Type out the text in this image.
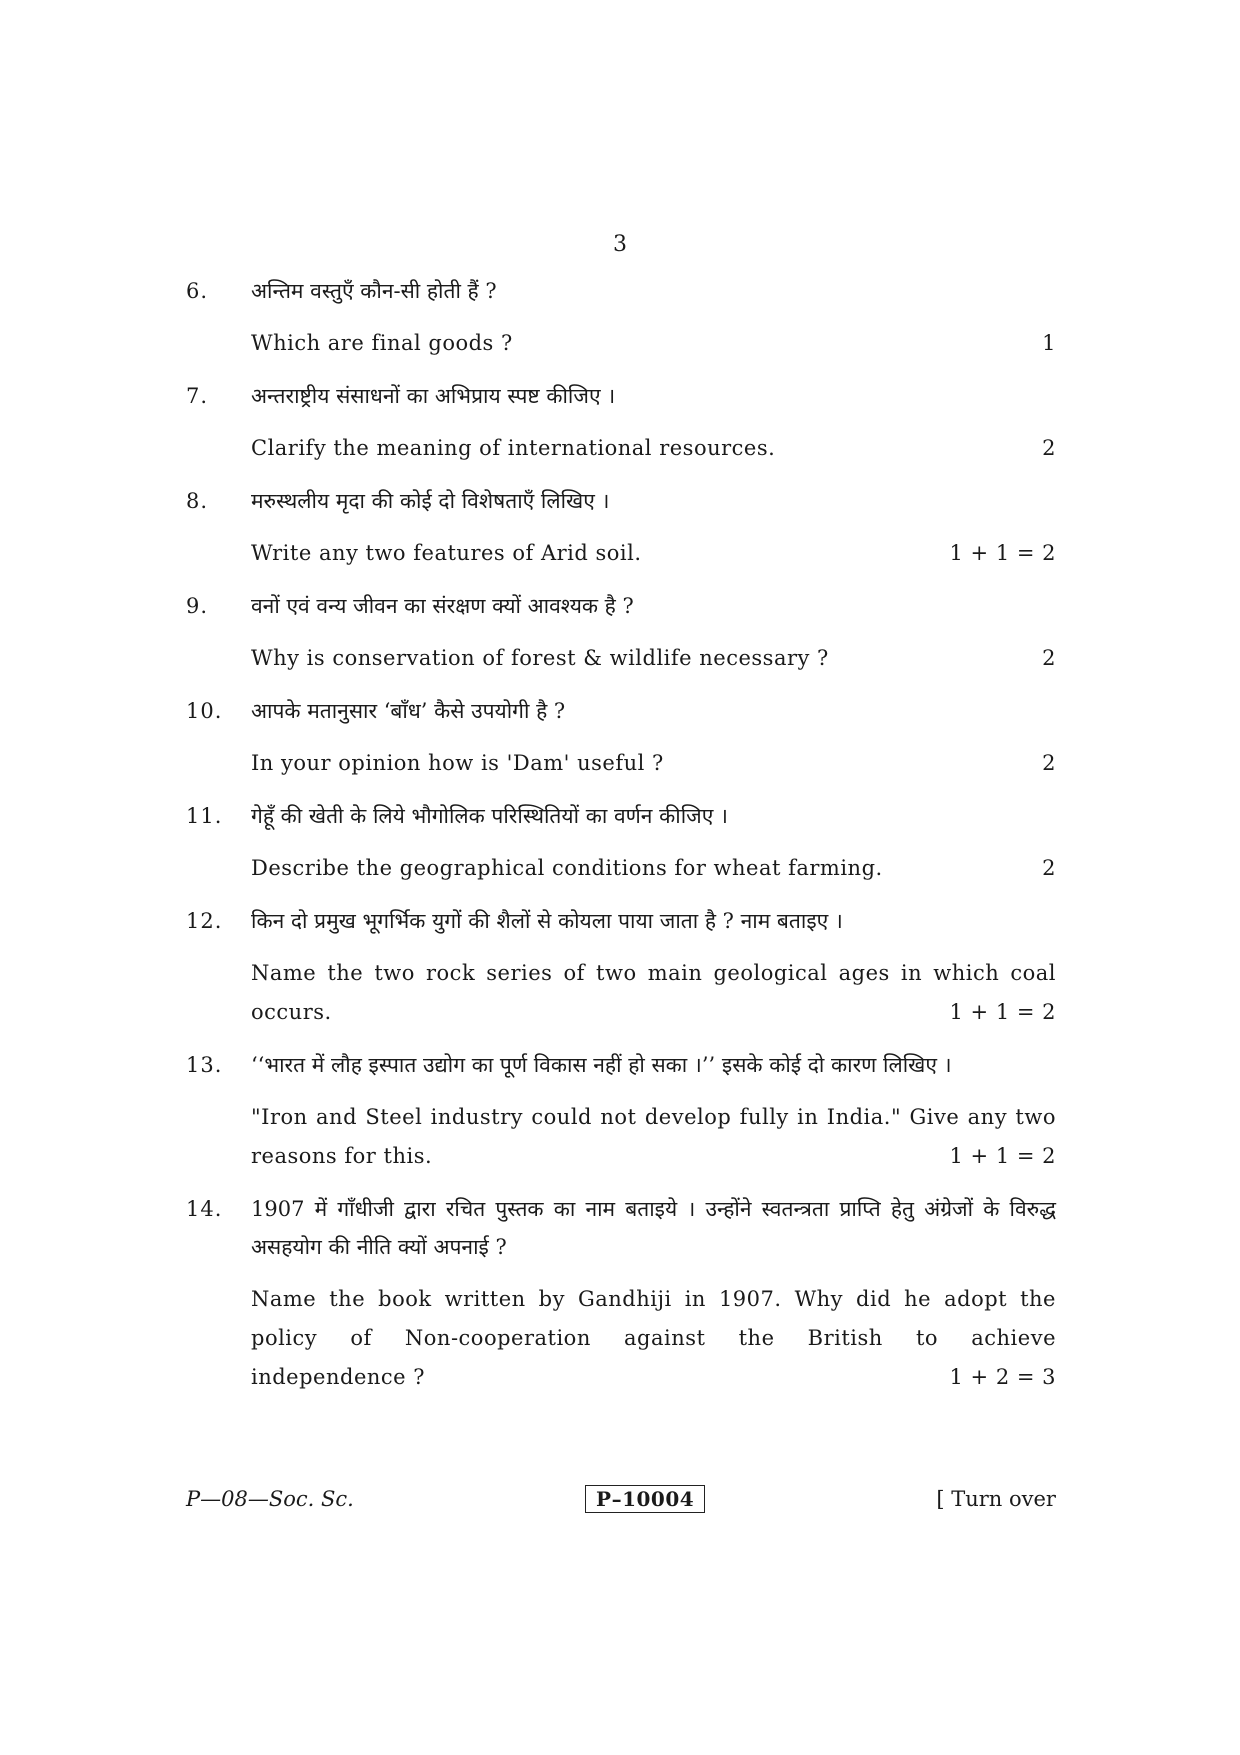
3
6.	अन्तिम वस्तुएँ कौन-सी होती हैं ?
Which are final goods ?	1
7.	अन्तराष्ट्रीय संसाधनों का अभिप्राय स्पष्ट कीजिए ।
Clarify the meaning of international resources.	2
8.	मरुस्थलीय मृदा की कोई दो विशेषताएँ लिखिए ।
Write any two features of Arid soil.	1 + 1 = 2
9.	वनों एवं वन्य जीवन का संरक्षण क्यों आवश्यक है ?
Why is conservation of forest & wildlife necessary ?	2
10.	आपके मतानुसार ‘बाँध’ कैसे उपयोगी है ?
In your opinion how is 'Dam' useful ?	2
11.	गेहूँ की खेती के लिये भौगोलिक परिस्थितियों का वर्णन कीजिए ।
Describe the geographical conditions for wheat farming.	2
12.	किन दो प्रमुख भूगर्भिक युगों की शैलों से कोयला पाया जाता है ? नाम बताइए ।
Name the two rock series of two main geological ages in which coal
occurs.	1 + 1 = 2
13.	‘‘भारत में लौह इस्पात उद्योग का पूर्ण विकास नहीं हो सका ।’’ इसके कोई दो कारण लिखिए ।
"Iron and Steel industry could not develop fully in India." Give any two
reasons for this.	1 + 1 = 2
14.	1907 में गाँधीजी द्वारा रचित पुस्तक का नाम बताइये । उन्होंने स्वतन्त्रता प्राप्ति हेतु अंग्रेजों के विरुद्ध असहयोग की नीति क्यों अपनाई ?
Name the book written by Gandhiji in 1907. Why did he adopt the
policy of Non-cooperation against the British to achieve
independence ?	1 + 2 = 3
P—08—Soc. Sc.	P–10004	[ Turn over
